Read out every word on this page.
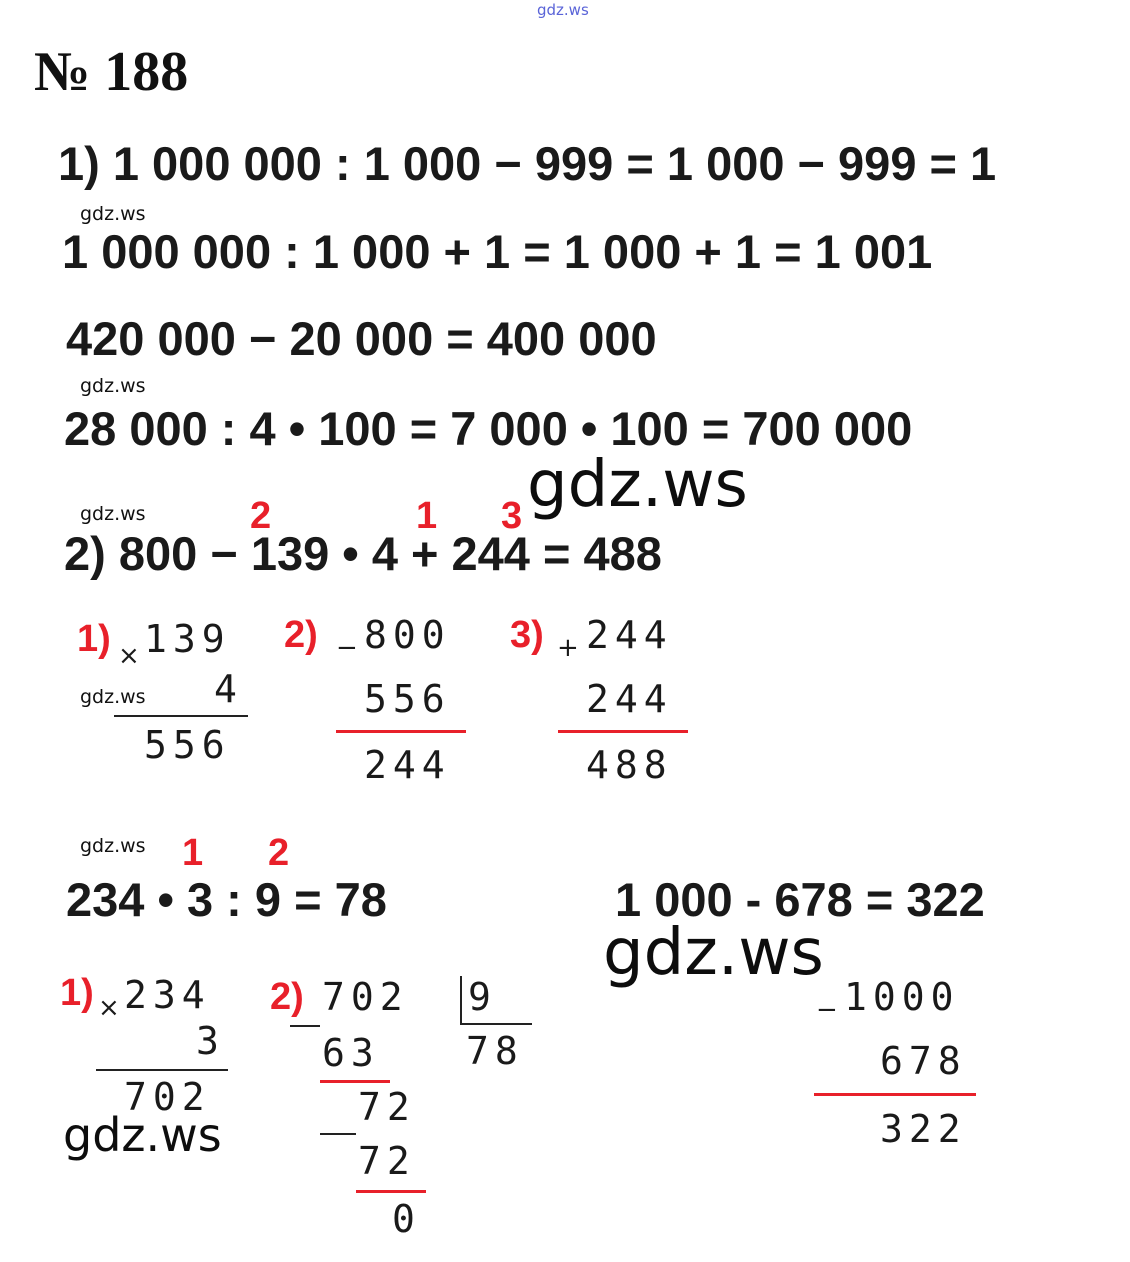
gdz.ws
№ 188
1) 1 000 000 : 1 000 − 999 = 1 000 − 999 = 1
gdz.ws
1 000 000 : 1 000 + 1 = 1 000 + 1 = 1 001
420 000 − 20 000 = 400 000
gdz.ws
28 000 : 4 • 100 = 7 000 • 100 = 700 000
gdz.ws
gdz.ws	2	1 3
2) 800 − 139 • 4 + 244 = 488
1) × 139
4
gdz.ws
556
2) − 800
556
244
3) + 244
244
488
gdz.ws 1 2
234 • 3 : 9 = 78	1 000 - 678 = 322
gdz.ws
1) × 234
3
702
gdz.ws
2) 702 9
78
63
72
72
0
− 1000
678
322
